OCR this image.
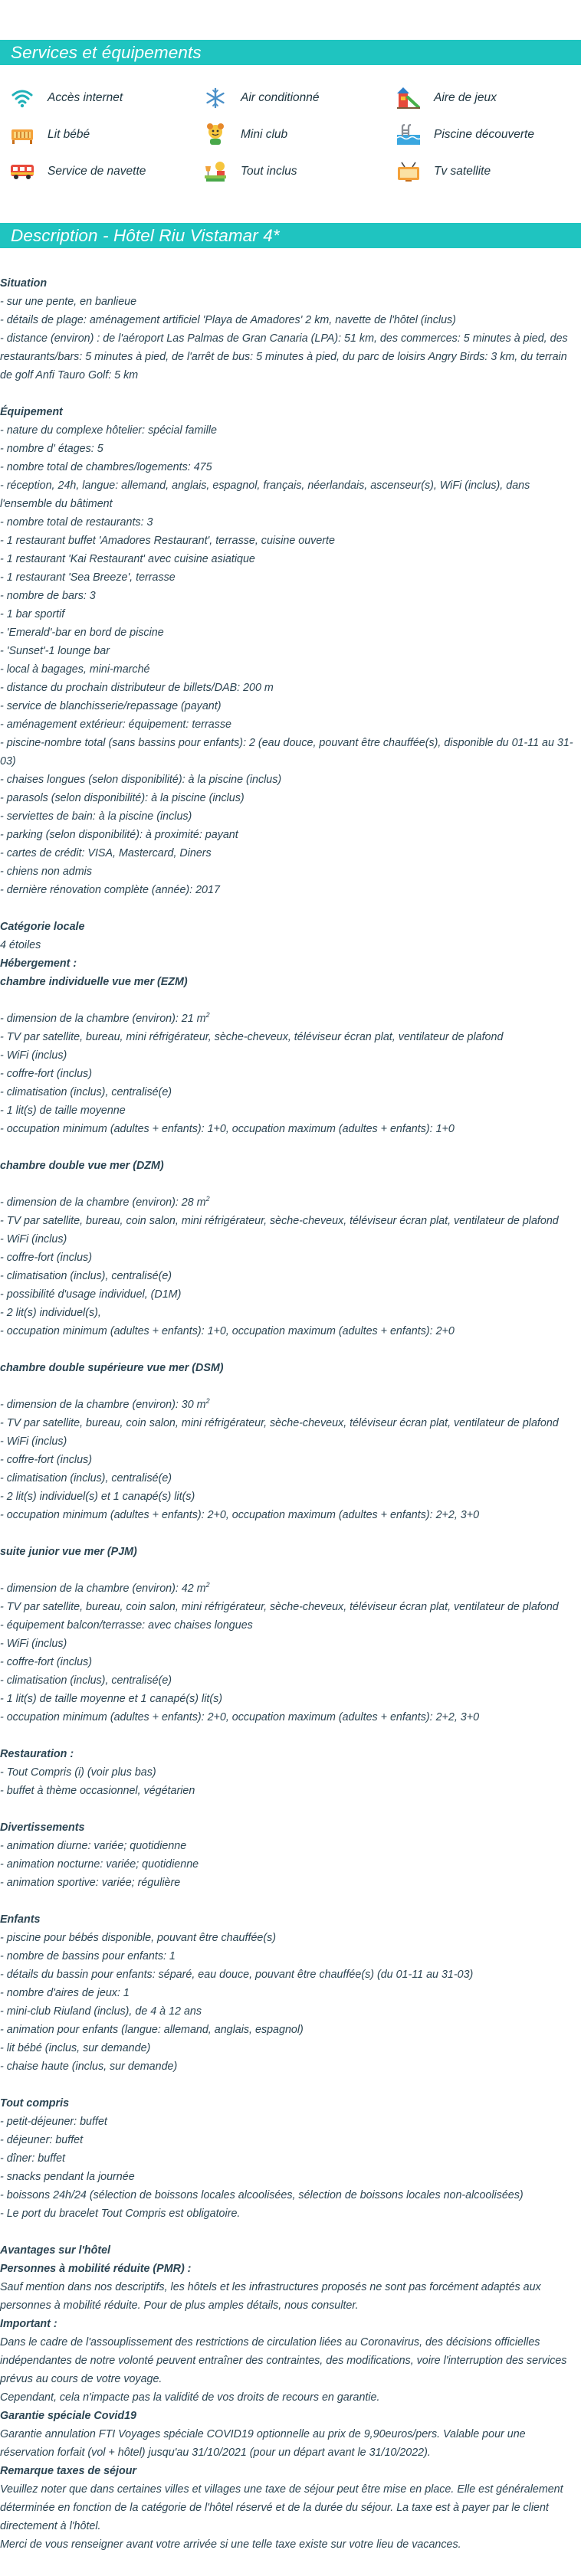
Services et équipements
Accès internet	Air conditionné	Aire de jeux
Lit bébé	Mini club	Piscine découverte
Service de navette	Tout inclus	Tv satellite
Description - Hôtel Riu Vistamar 4*

Situation

- sur une pente, en banlieue

- détails de plage: aménagement artificiel 'Playa de Amadores' 2 km, navette de l'hôtel (inclus)

- distance (environ) : de l'aéroport Las Palmas de Gran Canaria (LPA): 51 km, des commerces: 5 minutes à pied, des restaurants/bars: 5 minutes à pied, de l'arrêt de bus: 5 minutes à pied, du parc de loisirs Angry Birds: 3 km, du terrain de golf Anfi Tauro Golf: 5 km

Équipement

- nature du complexe hôtelier: spécial famille

- nombre d' étages: 5

- nombre total de chambres/logements: 475

- réception, 24h, langue: allemand, anglais, espagnol, français, néerlandais, ascenseur(s), WiFi (inclus), dans l'ensemble du bâtiment

- nombre total de restaurants: 3

- 1 restaurant buffet 'Amadores Restaurant', terrasse, cuisine ouverte

- 1 restaurant 'Kai Restaurant' avec cuisine asiatique

- 1 restaurant 'Sea Breeze', terrasse

- nombre de bars: 3

- 1 bar sportif

- 'Emerald'-bar en bord de piscine

- 'Sunset'-1 lounge bar

- local à bagages, mini-marché

- distance du prochain distributeur de billets/DAB: 200 m

- service de blanchisserie/repassage (payant)

- aménagement extérieur: équipement: terrasse

- piscine-nombre total (sans bassins pour enfants): 2 (eau douce, pouvant être chauffée(s), disponible du 01-11 au 31-03)

- chaises longues (selon disponibilité): à la piscine (inclus)

- parasols (selon disponibilité): à la piscine (inclus)

- serviettes de bain: à la piscine (inclus)

- parking (selon disponibilité): à proximité: payant

- cartes de crédit: VISA, Mastercard, Diners

- chiens non admis

- dernière rénovation complète (année): 2017

Catégorie locale

4 étoiles

Hébergement :

chambre individuelle vue mer (EZM)

- dimension de la chambre (environ): 21 $m^2$

- TV par satellite, bureau, mini réfrigérateur, sèche-cheveux, téléviseur écran plat, ventilateur de plafond

- WiFi (inclus)

- coffre-fort (inclus)

- climatisation (inclus), centralisé(e)

- 1 lit(s) de taille moyenne

- occupation minimum (adultes + enfants): 1+0, occupation maximum (adultes + enfants): 1+0

chambre double vue mer (DZM)

- dimension de la chambre (environ): 28 $m^2$

- TV par satellite, bureau, coin salon, mini réfrigérateur, sèche-cheveux, téléviseur écran plat, ventilateur de plafond

- WiFi (inclus)

- coffre-fort (inclus)

- climatisation (inclus), centralisé(e)

- possibilité d'usage individuel, (D1M)

- 2 lit(s) individuel(s),

- occupation minimum (adultes + enfants): 1+0, occupation maximum (adultes + enfants): 2+0

chambre double supérieure vue mer (DSM)

- dimension de la chambre (environ): 30 $m^2$

- TV par satellite, bureau, coin salon, mini réfrigérateur, sèche-cheveux, téléviseur écran plat, ventilateur de plafond

- WiFi (inclus)

- coffre-fort (inclus)

- climatisation (inclus), centralisé(e)

- 2 lit(s) individuel(s) et 1 canapé(s) lit(s)

- occupation minimum (adultes + enfants): 2+0, occupation maximum (adultes + enfants): 2+2, 3+0

suite junior vue mer (PJM)

- dimension de la chambre (environ): 42 $m^2$

- TV par satellite, bureau, coin salon, mini réfrigérateur, sèche-cheveux, téléviseur écran plat, ventilateur de plafond

- équipement balcon/terrasse: avec chaises longues

- WiFi (inclus)

- coffre-fort (inclus)

- climatisation (inclus), centralisé(e)

- 1 lit(s) de taille moyenne et 1 canapé(s) lit(s)

- occupation minimum (adultes + enfants): 2+0, occupation maximum (adultes + enfants): 2+2, 3+0

Restauration :

- Tout Compris (i) (voir plus bas)

- buffet à thème occasionnel, végétarien

Divertissements

- animation diurne: variée; quotidienne

- animation nocturne: variée; quotidienne

- animation sportive: variée; régulière

Enfants

- piscine pour bébés disponible, pouvant être chauffée(s)

- nombre de bassins pour enfants: 1

- détails du bassin pour enfants: séparé, eau douce, pouvant être chauffée(s) (du 01-11 au 31-03)

- nombre d'aires de jeux: 1

- mini-club Riuland (inclus), de 4 à 12 ans

- animation pour enfants (langue: allemand, anglais, espagnol)

- lit bébé (inclus, sur demande)

- chaise haute (inclus, sur demande)

Tout compris

- petit-déjeuner: buffet

- déjeuner: buffet

- dîner: buffet

- snacks pendant la journée

- boissons 24h/24 (sélection de boissons locales alcoolisées, sélection de boissons locales non-alcoolisées)

- Le port du bracelet Tout Compris est obligatoire.

Avantages sur l'hôtel

Personnes à mobilité réduite (PMR) :

Sauf mention dans nos descriptifs, les hôtels et les infrastructures proposés ne sont pas forcément adaptés aux personnes à mobilité réduite. Pour de plus amples détails, nous consulter.

Important :

Dans le cadre de l'assouplissement des restrictions de circulation liées au Coronavirus, des décisions officielles indépendantes de notre volonté peuvent entraîner des contraintes, des modifications, voire l'interruption des services prévus au cours de votre voyage.

Cependant, cela n'impacte pas la validité de vos droits de recours en garantie.

Garantie spéciale Covid19

Garantie annulation FTI Voyages spéciale COVID19 optionnelle au prix de 9,90euros/pers. Valable pour une réservation forfait (vol + hôtel) jusqu'au 31/10/2021 (pour un départ avant le 31/10/2022).

Remarque taxes de séjour

Veuillez noter que dans certaines villes et villages une taxe de séjour peut être mise en place. Elle est généralement déterminée en fonction de la catégorie de l'hôtel réservé et de la durée du séjour. La taxe est à payer par le client directement à l'hôtel.

Merci de vous renseigner avant votre arrivée si une telle taxe existe sur votre lieu de vacances.
